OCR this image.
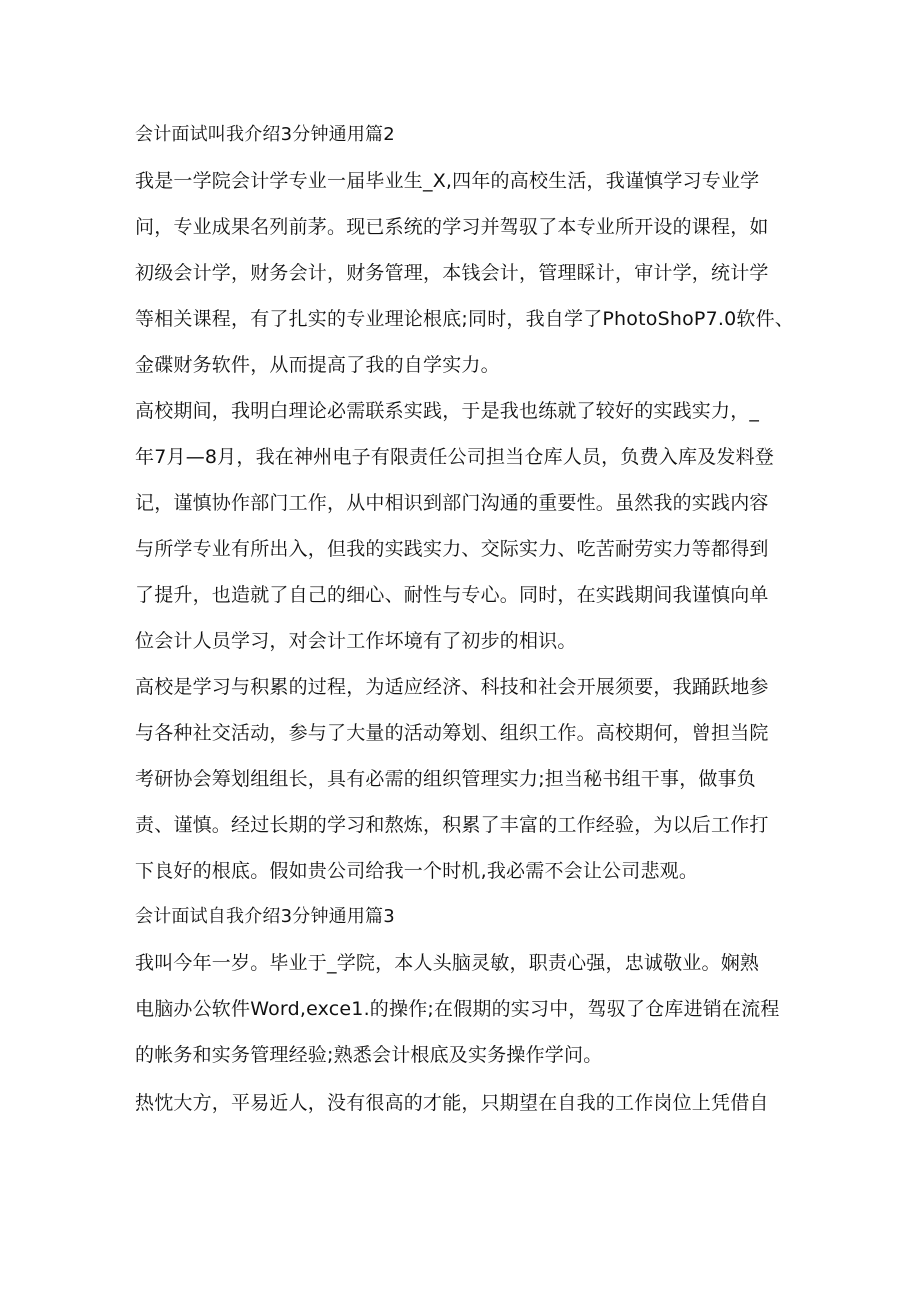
会计面试叫我介绍3分钟通用篇2
我是一学院会计学专业一届毕业生_X,四年的高校生活，我谨慎学习专业学
问，专业成果名列前茅。现已系统的学习并驾驭了本专业所开设的课程，如
初级会计学，财务会计，财务管理，本钱会计，管理睬计，审计学，统计学
等相关课程，有了扎实的专业理论根底;同时，我自学了PhotoShoP7.0软件、
金碟财务软件，从而提高了我的自学实力。
高校期间，我明白理论必需联系实践，于是我也练就了较好的实践实力，_
年7月—8月，我在神州电子有限责任公司担当仓库人员，负费入库及发料登
记，谨慎协作部门工作，从中相识到部门沟通的重要性。虽然我的实践内容
与所学专业有所出入，但我的实践实力、交际实力、吃苦耐劳实力等都得到
了提升，也造就了自己的细心、耐性与专心。同时，在实践期间我谨慎向单
位会计人员学习，对会计工作坏境有了初步的相识。
高校是学习与积累的过程，为适应经济、科技和社会开展须要，我踊跃地参
与各种社交活动，参与了大量的活动筹划、组织工作。高校期何，曾担当院
考研协会筹划组组长，具有必需的组织管理实力;担当秘书组干事，做事负
责、谨慎。经过长期的学习和熬炼，积累了丰富的工作经验，为以后工作打
下良好的根底。假如贵公司给我一个时机,我必需不会让公司悲观。
会计面试自我介绍3分钟通用篇3
我叫今年一岁。毕业于_学院，本人头脑灵敏，职责心强，忠诚敬业。娴熟
电脑办公软件Word,exce1.的操作;在假期的实习中，驾驭了仓库进销在流程
的帐务和实务管理经验;熟悉会计根底及实务操作学问。
热忱大方，平易近人，没有很高的才能，只期望在自我的工作岗位上凭借自
